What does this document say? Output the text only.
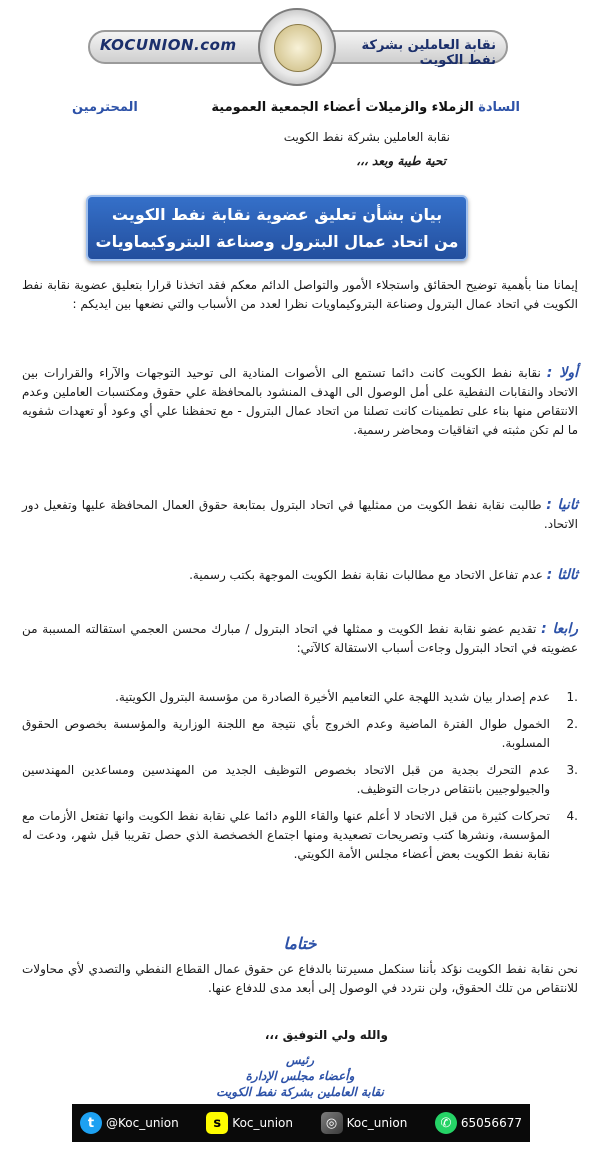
KOCUNION.com	نقابة العاملين بشركة نفط الكويت
السادة الزملاء والزميلات أعضاء الجمعية العمومية
المحترمين
نقابة العاملين بشركة نفط الكويت
تحية طيبة وبعد ،،،
بيان بشأن تعليق عضوية نقابة نفط الكويت
من اتحاد عمال البترول وصناعة البتروكيماويات

إيمانا منا بأهمية توضيح الحقائق واستجلاء الأمور والتواصل الدائم معكم فقد اتخذنا قرارا بتعليق عضوية نقابة نفط الكويت في اتحاد عمال البترول وصناعة البتروكيماويات نظرا لعدد من الأسباب والتي نضعها بين ايديكم :

أولا : نقابة نفط الكويت كانت دائما تستمع الى الأصوات المنادية الى توحيد التوجهات والآراء والقرارات بين الاتحاد والنقابات النفطية على أمل الوصول الى الهدف المنشود بالمحافظة علي حقوق ومكتسبات العاملين وعدم الانتقاص منها بناء على تطمينات كانت تصلنا من اتحاد عمال البترول - مع تحفظنا علي أي وعود أو تعهدات شفويه ما لم تكن مثبته في اتفاقيات ومحاضر رسمية.

ثانيا : طالبت نقابة نفط الكويت من ممثليها في اتحاد البترول بمتابعة حقوق العمال المحافظة عليها وتفعيل دور الاتحاد.

ثالثا : عدم تفاعل الاتحاد مع مطالبات نقابة نفط الكويت الموجهة بكتب رسمية.

رابعا : تقديم عضو نقابة نفط الكويت و ممثلها في اتحاد البترول / مبارك محسن العجمي استقالته المسببة من عضويته في اتحاد البترول وجاءت أسباب الاستقالة كالآتي:

.1
عدم إصدار بيان شديد اللهجة علي التعاميم الأخيرة الصادرة من مؤسسة البترول الكويتية.
.2
الخمول طوال الفترة الماضية وعدم الخروج بأي نتيجة مع اللجنة الوزارية والمؤسسة بخصوص الحقوق المسلوبة.
.3
عدم التحرك بجدية من قبل الاتحاد بخصوص التوظيف الجديد من المهندسين ومساعدين المهندسين والجيولوجيين بانتقاص درجات التوظيف.
.4
تحركات كثيرة من قبل الاتحاد لا أعلم عنها والقاء اللوم دائما علي نقابة نفط الكويت وانها تفتعل الأزمات مع المؤسسة، ونشرها كتب وتصريحات تصعيدية ومنها اجتماع الخصخصة الذي حصل تقريبا قبل شهر، ودعت له نقابة نفط الكويت بعض أعضاء مجلس الأمة الكويتي.
ختاما

نحن نقابة نفط الكويت نؤكد بأننا سنكمل مسيرتنا بالدفاع عن حقوق عمال القطاع النفطي والتصدي لأي محاولات للانتقاص من تلك الحقوق، ولن نتردد في الوصول إلى أبعد مدى للدفاع عنها.

والله ولي التوفيق ،،،
رئيس
وأعضاء مجلس الإدارة
نقابة العاملين بشركة نفط الكويت
t @Koc_union	s Koc_union	◎ Koc_union	✆ 65056677
